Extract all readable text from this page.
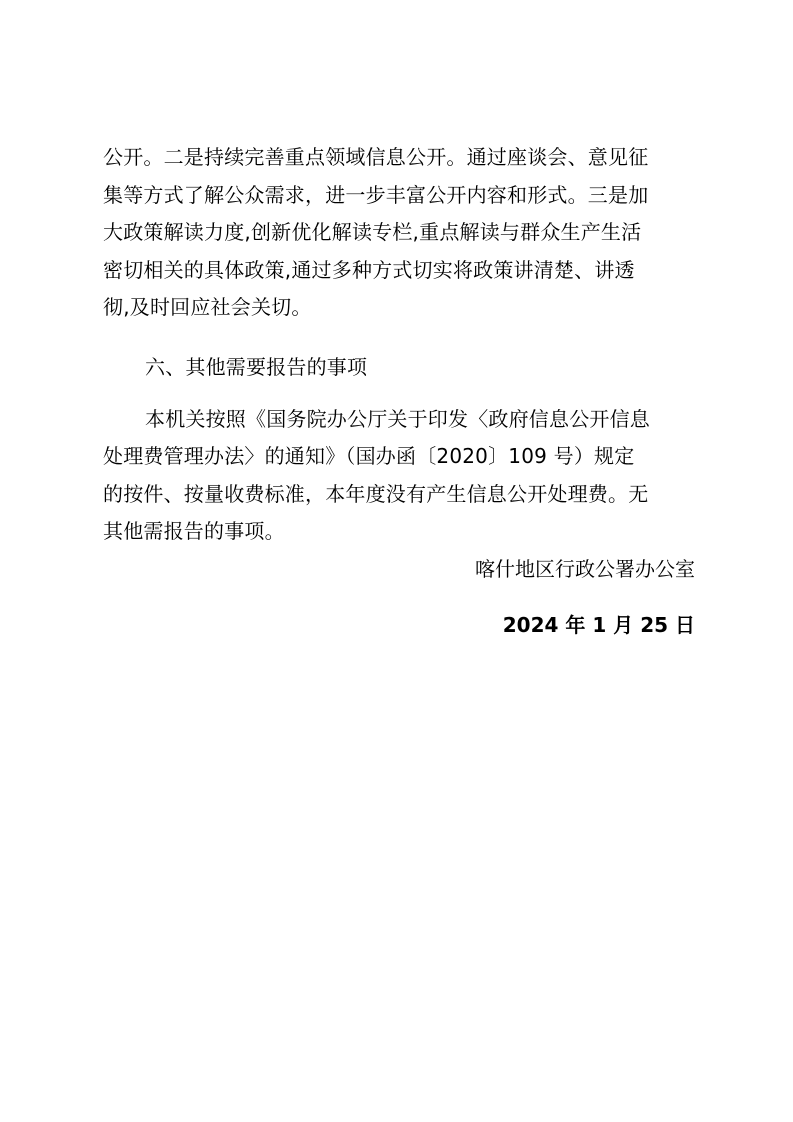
公开。二是持续完善重点领域信息公开。通过座谈会、意见征
集等方式了解公众需求，进一步丰富公开内容和形式。三是加
大政策解读力度,创新优化解读专栏,重点解读与群众生产生活
密切相关的具体政策,通过多种方式切实将政策讲清楚、讲透
彻,及时回应社会关切。

六、其他需要报告的事项

本机关按照《国务院办公厅关于印发〈政府信息公开信息
处理费管理办法〉的通知》（国办函〔2020〕109 号）规定
的按件、按量收费标准，本年度没有产生信息公开处理费。无
其他需报告的事项。

喀什地区行政公署办公室

2024 年 1 月 25 日
